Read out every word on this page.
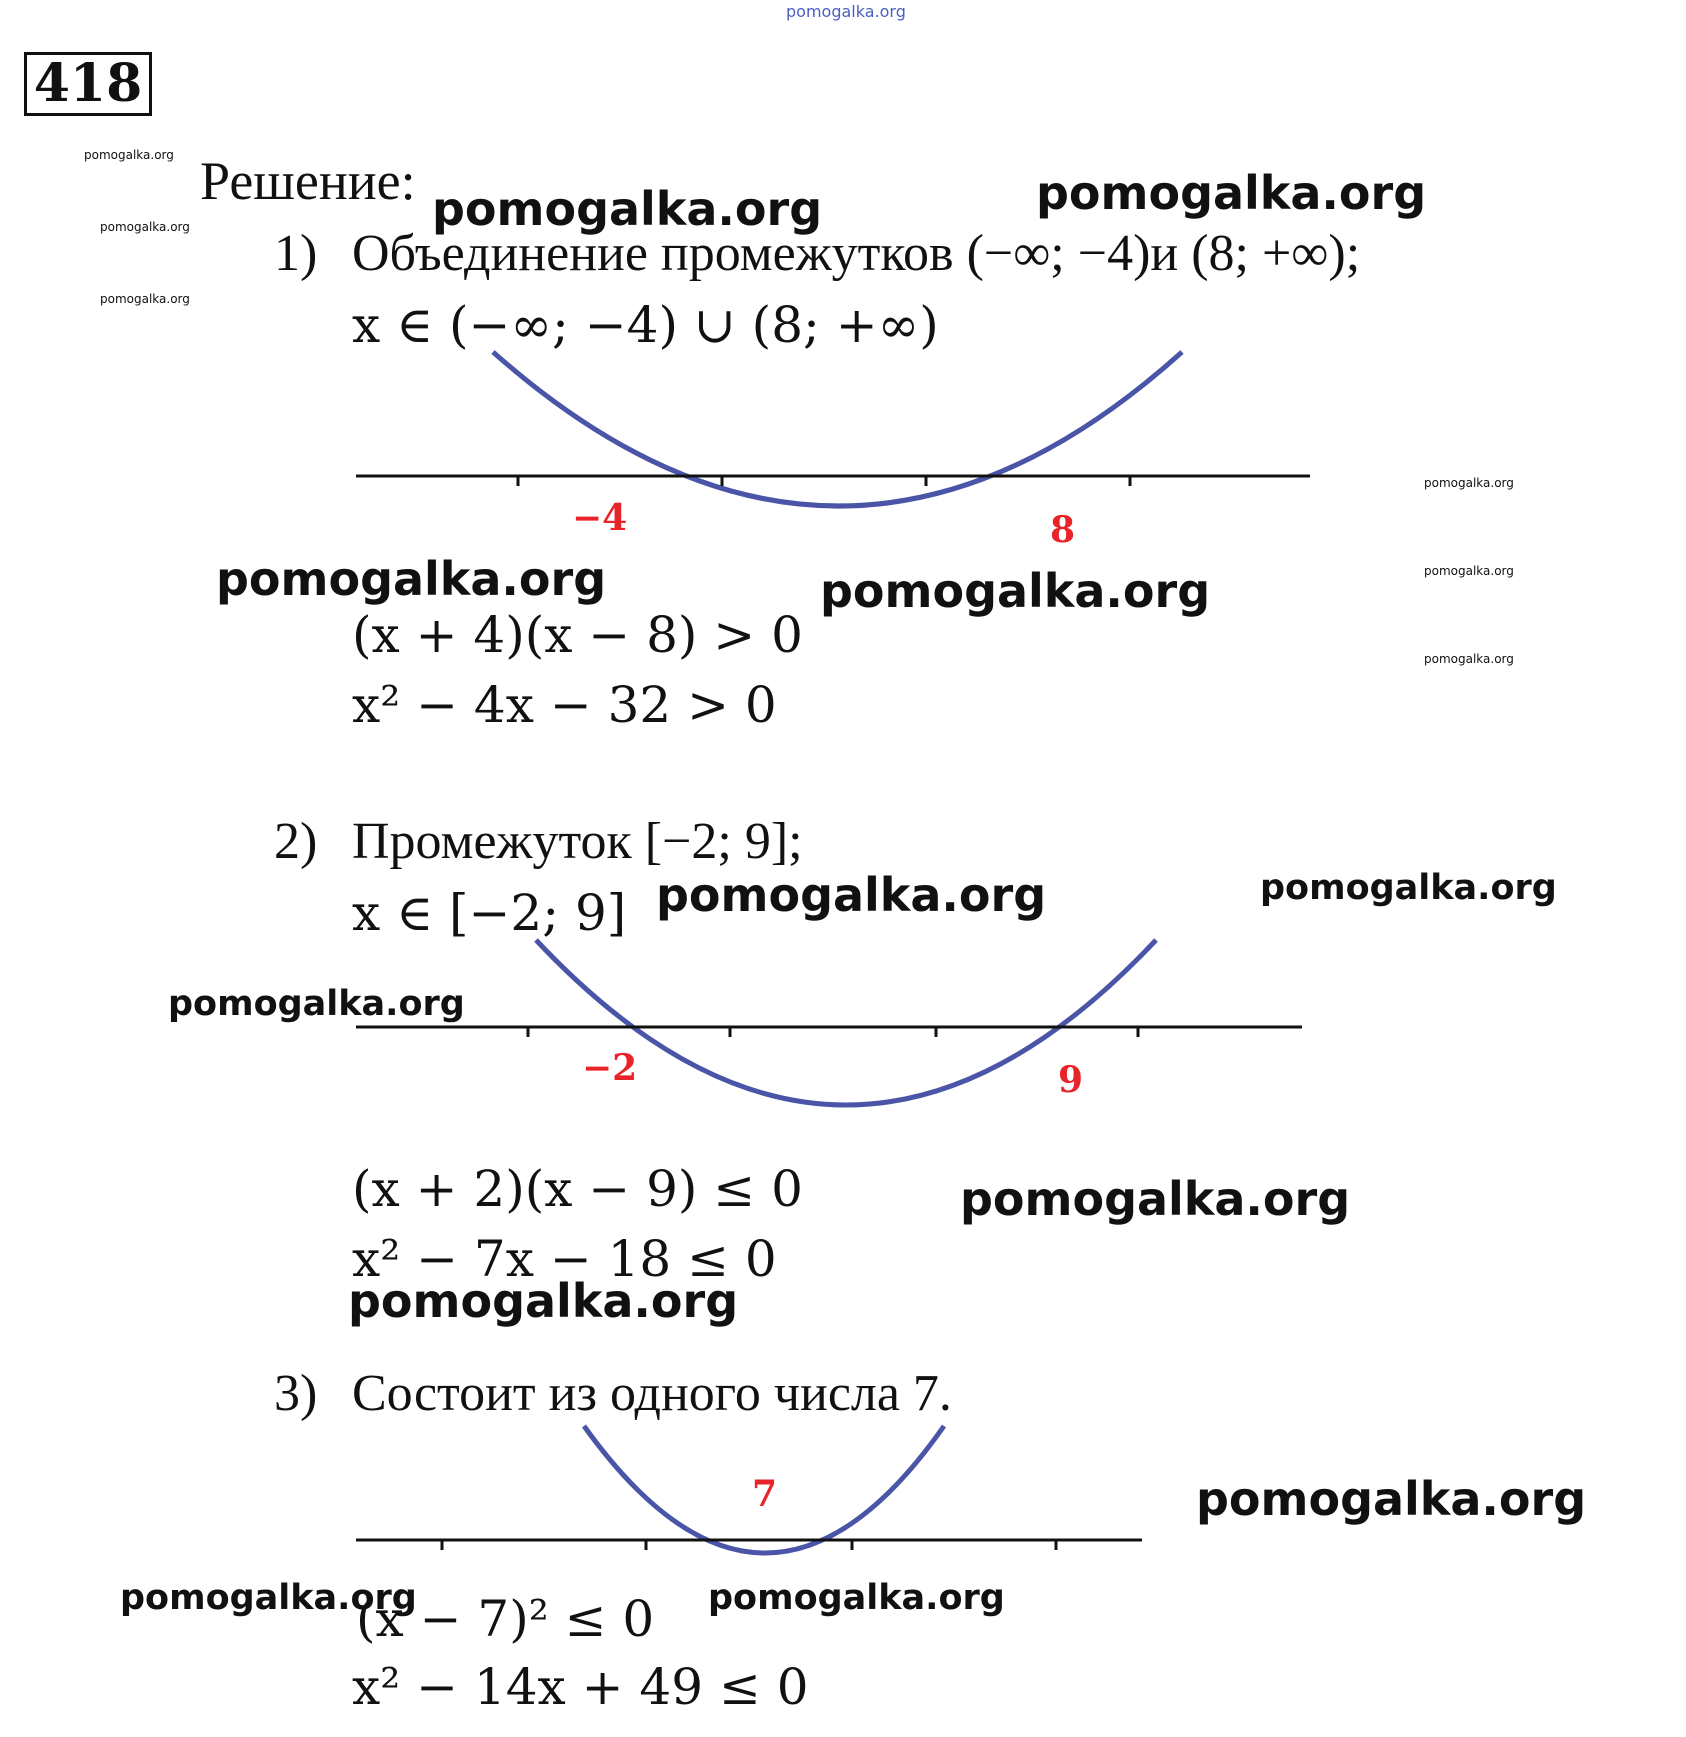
pomogalka.org
418
pomogalka.org
pomogalka.org
pomogalka.org
Решение:
1) Объединение промежутков (−∞; −4)и (8; +∞);
x ∈ (−∞; −4) ∪ (8; +∞)
pomogalka.org	pomogalka.org
−4	8
pomogalka.org
pomogalka.org
pomogalka.org
pomogalka.org	pomogalka.org
(x + 4)(x − 8) > 0
x² − 4x − 32 > 0
2) Промежуток [−2; 9];
x ∈ [−2; 9] pomogalka.org	pomogalka.org
pomogalka.org
−2	9
(x + 2)(x − 9) ≤ 0
x² − 7x − 18 ≤ 0
pomogalka.org
pomogalka.org
3) Состоит из одного числа 7.
7	pomogalka.org
pomogalka.org	pomogalka.org
(x − 7)² ≤ 0
x² − 14x + 49 ≤ 0
